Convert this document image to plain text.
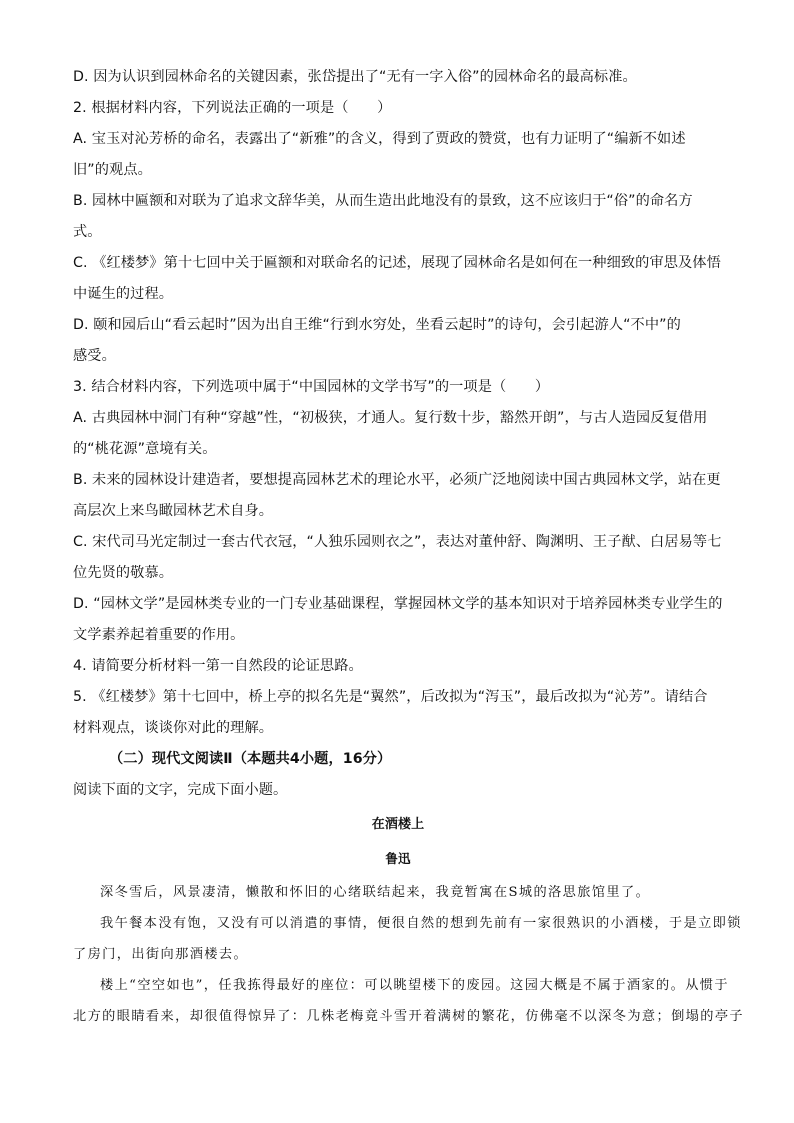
D. 因为认识到园林命名的关键因素，张岱提出了“无有一字入俗”的园林命名的最高标准。
2. 根据材料内容，下列说法正确的一项是（　　）
A. 宝玉对沁芳桥的命名，表露出了“新雅”的含义，得到了贾政的赞赏，也有力证明了“编新不如述
旧”的观点。
B. 园林中匾额和对联为了追求文辞华美，从而生造出此地没有的景致，这不应该归于“俗”的命名方
式。
C. 《红楼梦》第十七回中关于匾额和对联命名的记述，展现了园林命名是如何在一种细致的审思及体悟
中诞生的过程。
D. 颐和园后山“看云起时”因为出自王维“行到水穷处，坐看云起时”的诗句，会引起游人“不中”的
感受。
3. 结合材料内容，下列选项中属于“中国园林的文学书写”的一项是（　　）
A. 古典园林中洞门有种“穿越”性，“初极狭，才通人。复行数十步，豁然开朗”，与古人造园反复借用
的“桃花源”意境有关。
B. 未来的园林设计建造者，要想提高园林艺术的理论水平，必须广泛地阅读中国古典园林文学，站在更
高层次上来鸟瞰园林艺术自身。
C. 宋代司马光定制过一套古代衣冠，“人独乐园则衣之”，表达对董仲舒、陶渊明、王子猷、白居易等七
位先贤的敬慕。
D. “园林文学”是园林类专业的一门专业基础课程，掌握园林文学的基本知识对于培养园林类专业学生的
文学素养起着重要的作用。
4. 请简要分析材料一第一自然段的论证思路。
5. 《红楼梦》第十七回中，桥上亭的拟名先是“翼然”，后改拟为“泻玉”，最后改拟为“沁芳”。请结合
材料观点，谈谈你对此的理解。
（二）现代文阅读Ⅱ（本题共4小题，16分）
阅读下面的文字，完成下面小题。
在酒楼上
鲁迅
深冬雪后，风景凄清，懒散和怀旧的心绪联结起来，我竟暂寓在S城的洛思旅馆里了。
我午餐本没有饱，又没有可以消遣的事情，便很自然的想到先前有一家很熟识的小酒楼，于是立即锁
了房门，出街向那酒楼去。
楼上“空空如也”，任我拣得最好的座位：可以眺望楼下的废园。这园大概是不属于酒家的。从惯于
北方的眼睛看来，却很值得惊异了：几株老梅竟斗雪开着满树的繁花，仿佛毫不以深冬为意；倒塌的亭子
